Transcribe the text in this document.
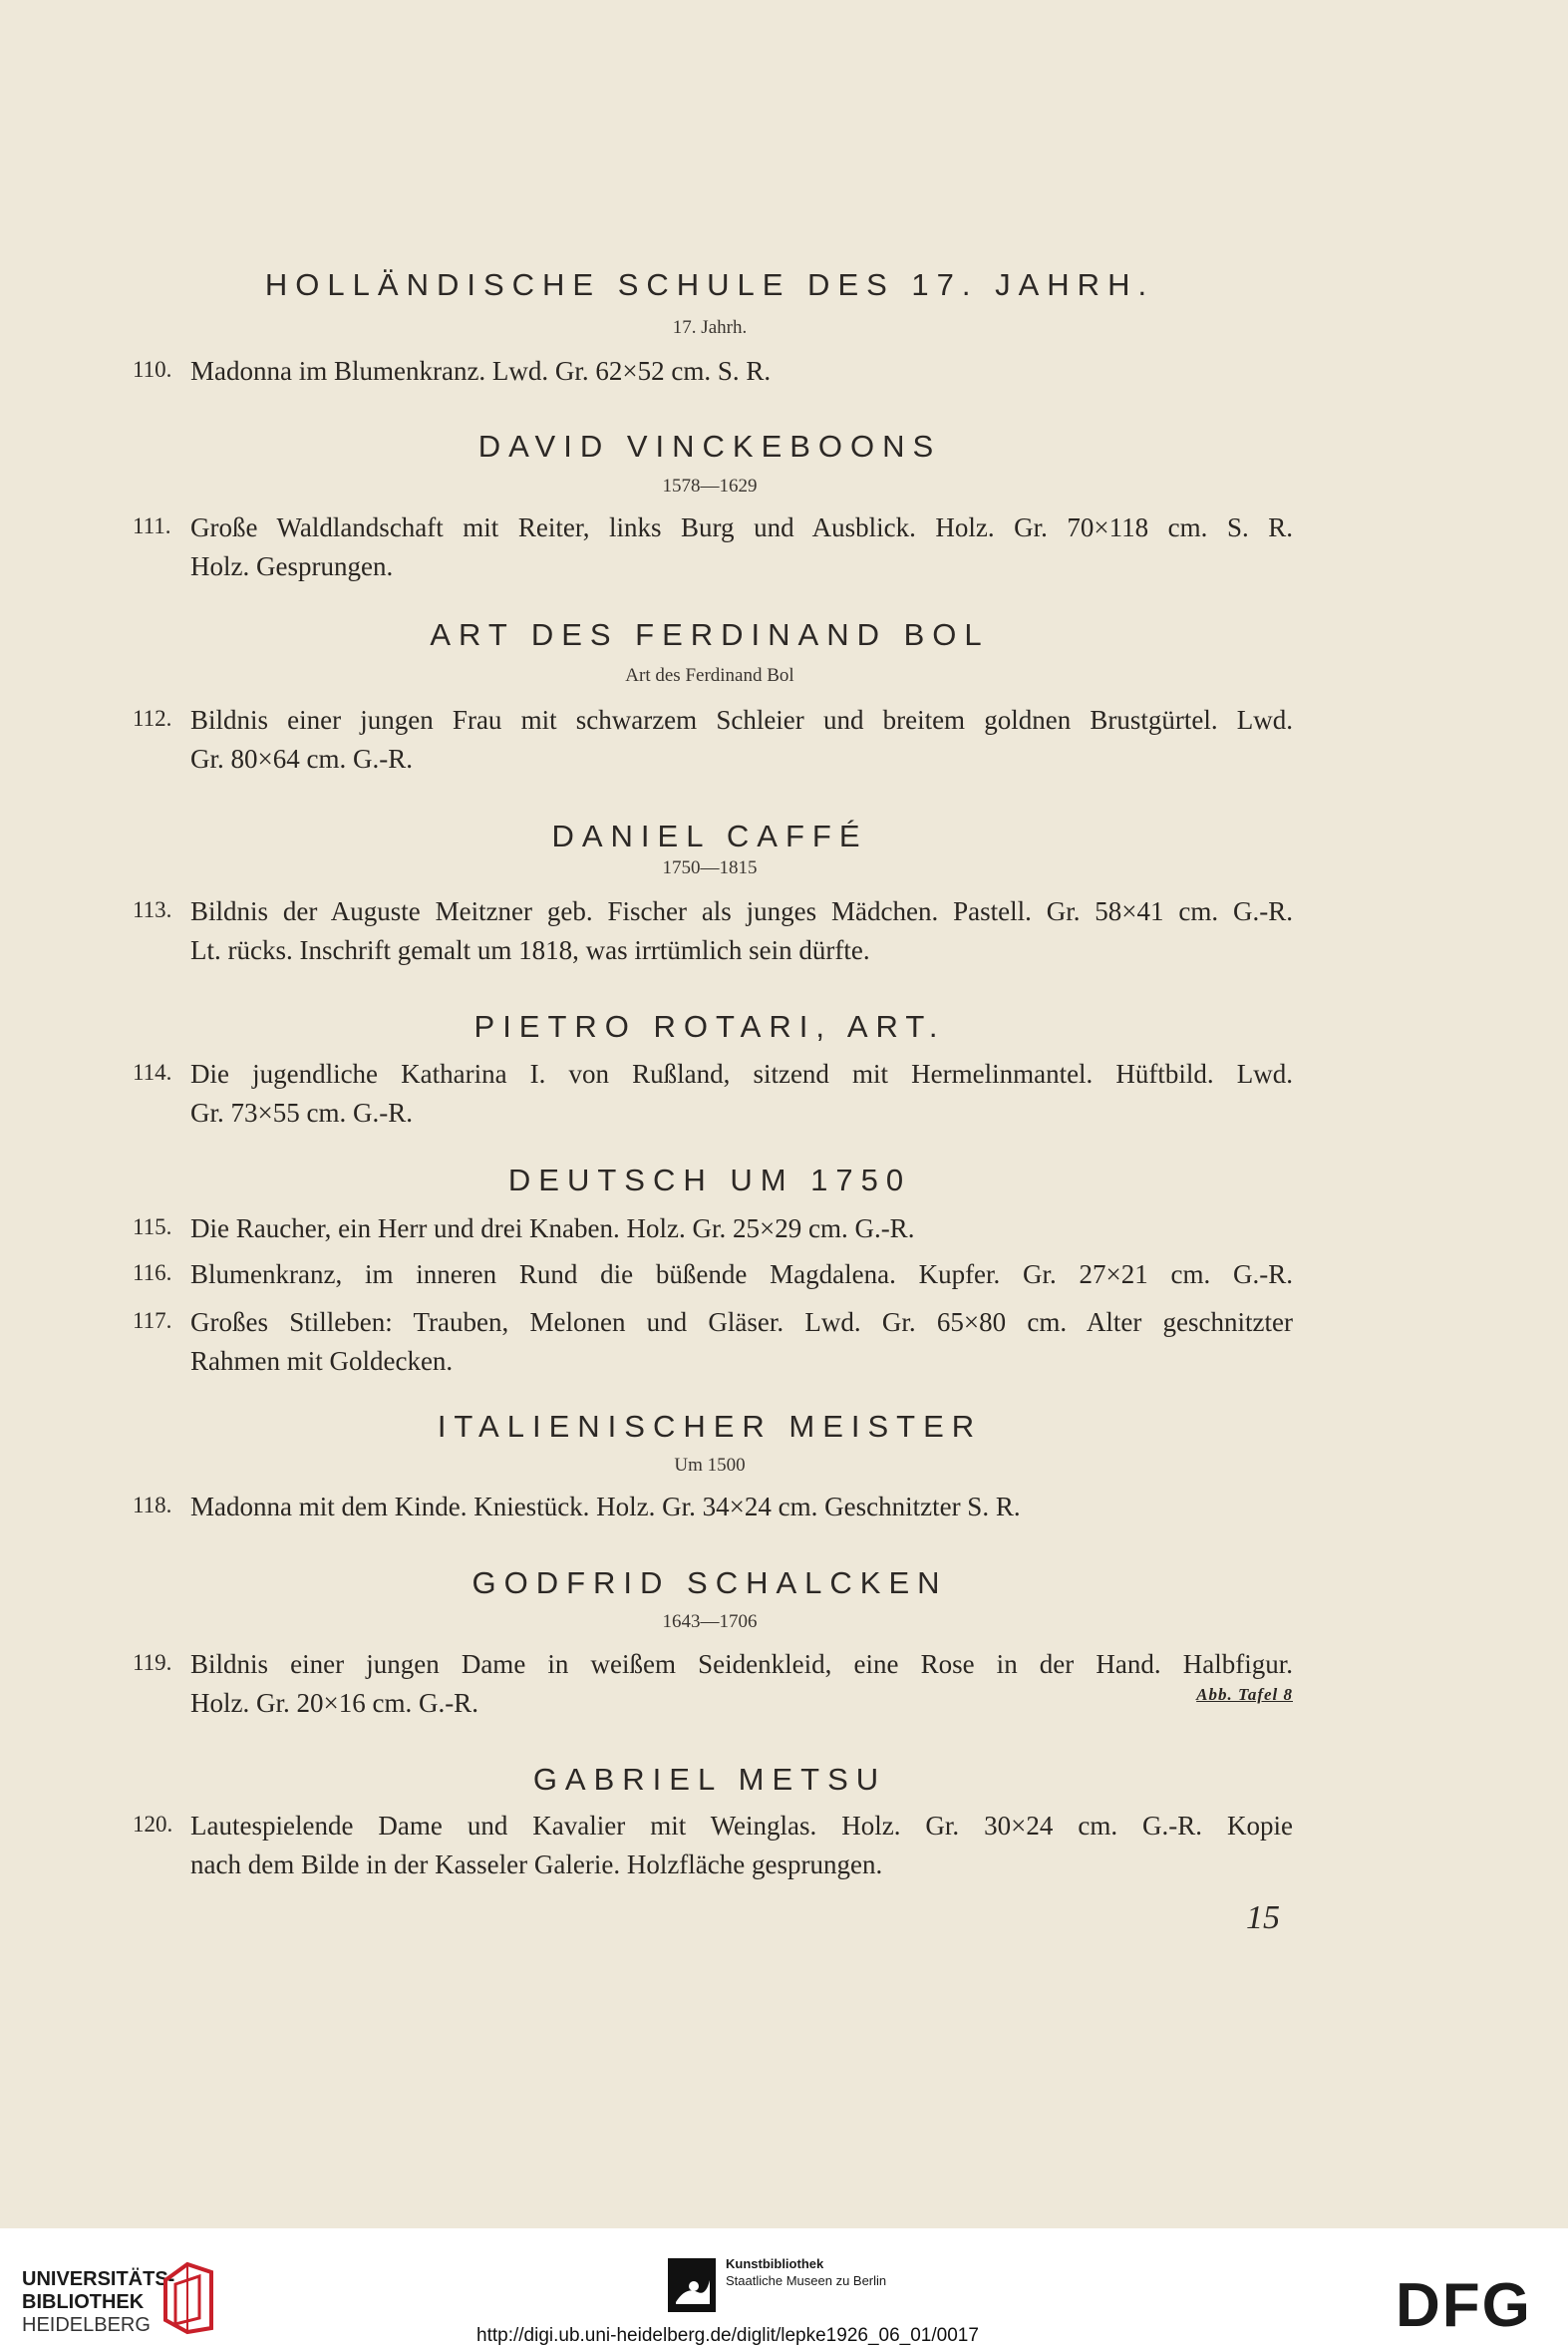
HOLLÄNDISCHE SCHULE DES 17. JAHRH.
17. Jahrh.
110. Madonna im Blumenkranz. Lwd. Gr. 62×52 cm. S. R.
DAVID VINCKEBOONS
1578—1629
111. Große Waldlandschaft mit Reiter, links Burg und Ausblick. Holz. Gr. 70×118 cm. S. R.
Holz. Gesprungen.
ART DES FERDINAND BOL
Art des Ferdinand Bol
112. Bildnis einer jungen Frau mit schwarzem Schleier und breitem goldnen Brustgürtel. Lwd.
Gr. 80×64 cm. G.-R.
DANIEL CAFFÉ
1750—1815
113. Bildnis der Auguste Meitzner geb. Fischer als junges Mädchen. Pastell. Gr. 58×41 cm. G.-R.
Lt. rücks. Inschrift gemalt um 1818, was irrtümlich sein dürfte.
PIETRO ROTARI, ART.
114. Die jugendliche Katharina I. von Rußland, sitzend mit Hermelinmantel. Hüftbild. Lwd.
Gr. 73×55 cm. G.-R.
DEUTSCH UM 1750
115. Die Raucher, ein Herr und drei Knaben. Holz. Gr. 25×29 cm. G.-R.
116. Blumenkranz, im inneren Rund die büßende Magdalena. Kupfer. Gr. 27×21 cm. G.-R.
117. Großes Stilleben: Trauben, Melonen und Gläser. Lwd. Gr. 65×80 cm. Alter geschnitzter
Rahmen mit Goldecken.
ITALIENISCHER MEISTER
Um 1500
118. Madonna mit dem Kinde. Kniestück. Holz. Gr. 34×24 cm. Geschnitzter S. R.
GODFRID SCHALCKEN
1643—1706
119. Bildnis einer jungen Dame in weißem Seidenkleid, eine Rose in der Hand. Halbfigur.
Holz. Gr. 20×16 cm. G.-R.	Abb. Tafel 8
GABRIEL METSU
120. Lautespielende Dame und Kavalier mit Weinglas. Holz. Gr. 30×24 cm. G.-R. Kopie
nach dem Bilde in der Kasseler Galerie. Holzfläche gesprungen.
15
UNIVERSITÄTS-
BIBLIOTHEK
HEIDELBERG
Kunstbibliothek
Staatliche Museen zu Berlin	DFG
http://digi.ub.uni-heidelberg.de/diglit/lepke1926_06_01/0017
